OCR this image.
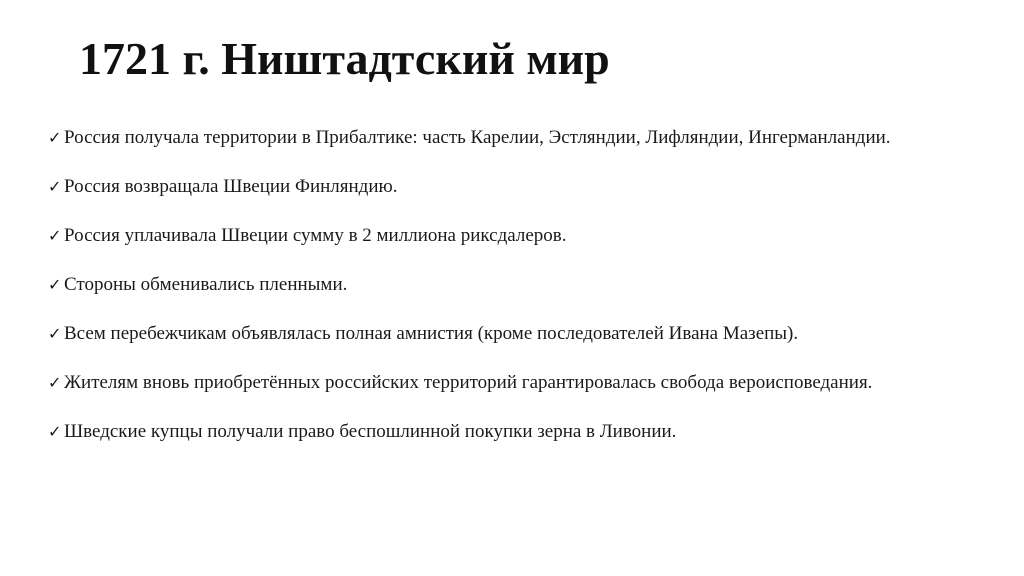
1721 г. Ништадтский мир
✓ Россия получала территории в Прибалтике: часть Карелии, Эстляндии, Лифляндии, Ингерманландии.
✓ Россия возвращала Швеции Финляндию.
✓ Россия уплачивала Швеции сумму в 2 миллиона риксдалеров.
✓ Стороны обменивались пленными.
✓ Всем перебежчикам объявлялась полная амнистия (кроме последователей Ивана Мазепы).
✓ Жителям вновь приобретённых российских территорий гарантировалась свобода вероисповедания.
✓ Шведские купцы получали право беспошлинной покупки зерна в Ливонии.
